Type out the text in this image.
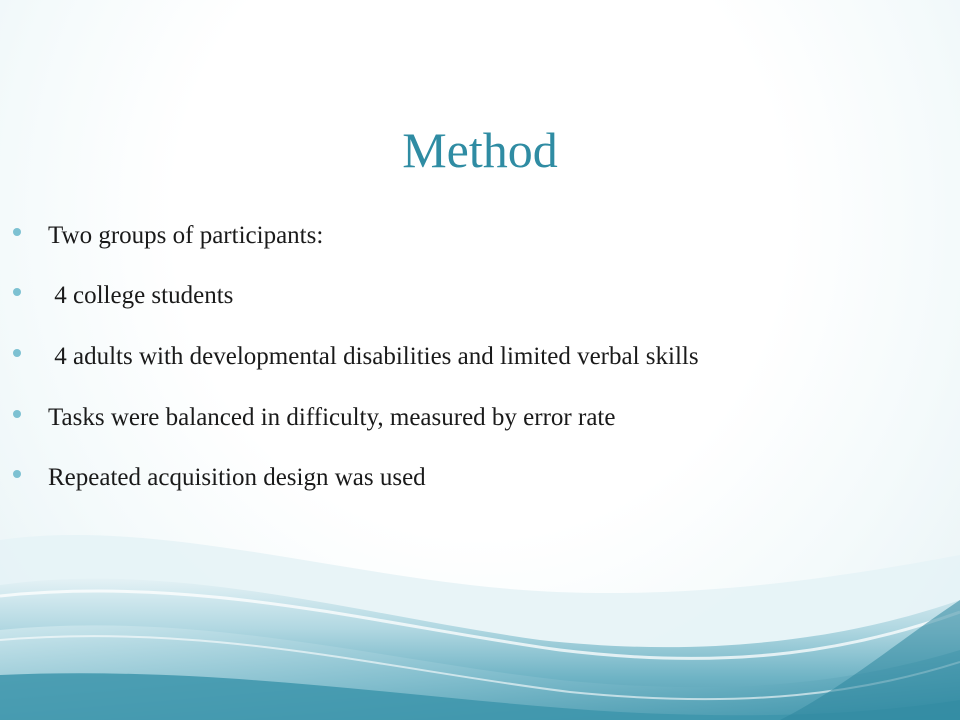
Method
Two groups of participants:
4 college students
4 adults with developmental disabilities and limited verbal skills
Tasks were balanced in difficulty, measured by error rate
Repeated acquisition design was used
